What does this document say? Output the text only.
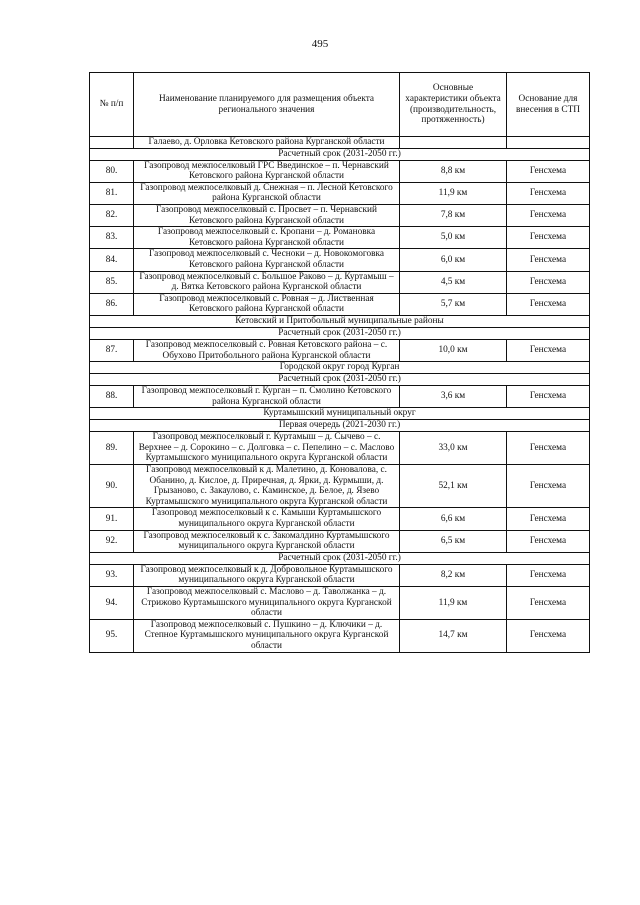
495
№ п/п	Наименование планируемого для размещения объекта регионального значения	Основные характеристики объекта (производительность, протяженность)	Основание для внесения в СТП
	Галаево, д. Орловка Кетовского района Курганской области		
Расчетный срок (2031-2050 гг.)			
80.	Газопровод межпоселковый ГРС Введинское – п. Чернавский Кетовского района Курганской области	8,8 км	Генсхема
81.	Газопровод межпоселковый д. Снежная – п. Лесной Кетовского района Курганской области	11,9 км	Генсхема
82.	Газопровод межпоселковый с. Просвет – п. Чернавский Кетовского района Курганской области	7,8 км	Генсхема
83.	Газопровод межпоселковый с. Кропани – д. Романовка Кетовского района Курганской области	5,0 км	Генсхема
84.	Газопровод межпоселковый с. Чесноки – д. Новокомоговка Кетовского района Курганской области	6,0 км	Генсхема
85.	Газопровод межпоселковый с. Большое Раково – д. Куртамыш – д. Вятка Кетовского района Курганской области	4,5 км	Генсхема
86.	Газопровод межпоселковый с. Ровная – д. Лиственная Кетовского района Курганской области	5,7 км	Генсхема
Кетовский и Притобольный муниципальные районы			
Расчетный срок (2031-2050 гг.)			
87.	Газопровод межпоселковый с. Ровная Кетовского района – с. Обухово Притобольного района Курганской области	10,0 км	Генсхема
Городской округ город Курган			
Расчетный срок (2031-2050 гг.)			
88.	Газопровод межпоселковый г. Курган – п. Смолино Кетовского района Курганской области	3,6 км	Генсхема
Куртамышский муниципальный округ			
Первая очередь (2021-2030 гг.)			
89.	Газопровод межпоселковый г. Куртамыш – д. Сычево – с. Верхнее – д. Сорокино – с. Долговка – с. Пепелино – с. Маслово Куртамышского муниципального округа Курганской области	33,0 км	Генсхема
90.	Газопровод межпоселковый к д. Малетино, д. Коновалова, с. Обанино, д. Кислое, д. Приречная, д. Ярки, д. Курмыши, д. Грызаново, с. Закаулово, с. Каминское, д. Белое, д. Язево Куртамышского муниципального округа Курганской области	52,1 км	Генсхема
91.	Газопровод межпоселковый к с. Камыши Куртамышского муниципального округа Курганской области	6,6 км	Генсхема
92.	Газопровод межпоселковый к с. Закомалдино Куртамышского муниципального округа Курганской области	6,5 км	Генсхема
Расчетный срок (2031-2050 гг.)			
93.	Газопровод межпоселковый к д. Добровольное Куртамышского муниципального округа Курганской области	8,2 км	Генсхема
94.	Газопровод межпоселковый с. Маслово – д. Таволжанка – д. Стрижово Куртамышского муниципального округа Курганской области	11,9 км	Генсхема
95.	Газопровод межпоселковый с. Пушкино – д. Ключики – д. Степное Куртамышского муниципального округа Курганской области	14,7 км	Генсхема
